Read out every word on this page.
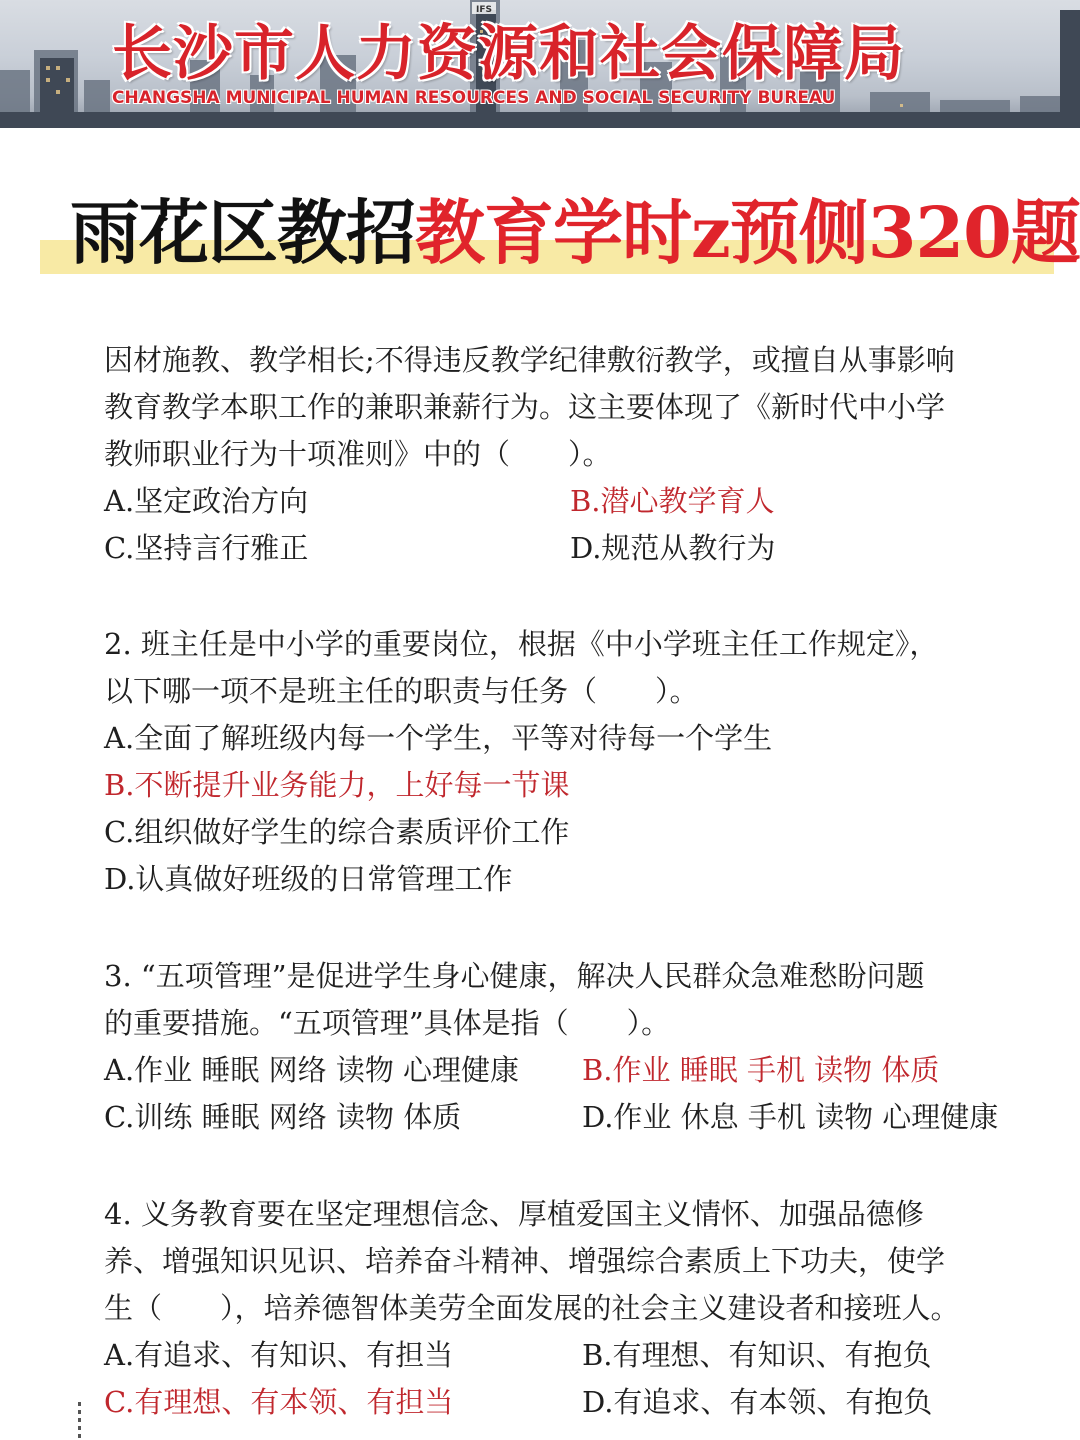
IFS
长沙市人力资源和社会保障局
CHANGSHA MUNICIPAL HUMAN RESOURCES AND SOCIAL SECURITY BUREAU
雨花区教招教育学时z预侧320题

因材施教、教学相长;不得违反教学纪律敷衍教学，或擅自从事影响

教育教学本职工作的兼职兼薪行为。这主要体现了《新时代中小学

教师职业行为十项准则》中的（　　）。

A.坚定政治方向	B.潜心教学育人
C.坚持言行雅正	D.规范从教行为

2. 班主任是中小学的重要岗位，根据《中小学班主任工作规定》，

以下哪一项不是班主任的职责与任务（　　）。

A.全面了解班级内每一个学生，平等对待每一个学生

B.不断提升业务能力，上好每一节课

C.组织做好学生的综合素质评价工作

D.认真做好班级的日常管理工作

3. “五项管理”是促进学生身心健康，解决人民群众急难愁盼问题

的重要措施。“五项管理”具体是指（　　）。

A.作业 睡眠 网络 读物 心理健康 B.作业 睡眠 手机 读物 体质
C.训练 睡眠 网络 读物 体质	D.作业 休息 手机 读物 心理健康

4. 义务教育要在坚定理想信念、厚植爱国主义情怀、加强品德修

养、增强知识见识、培养奋斗精神、增强综合素质上下功夫，使学

生（　　），培养德智体美劳全面发展的社会主义建设者和接班人。

A.有追求、有知识、有担当	B.有理想、有知识、有抱负
C.有理想、有本领、有担当	D.有追求、有本领、有抱负
